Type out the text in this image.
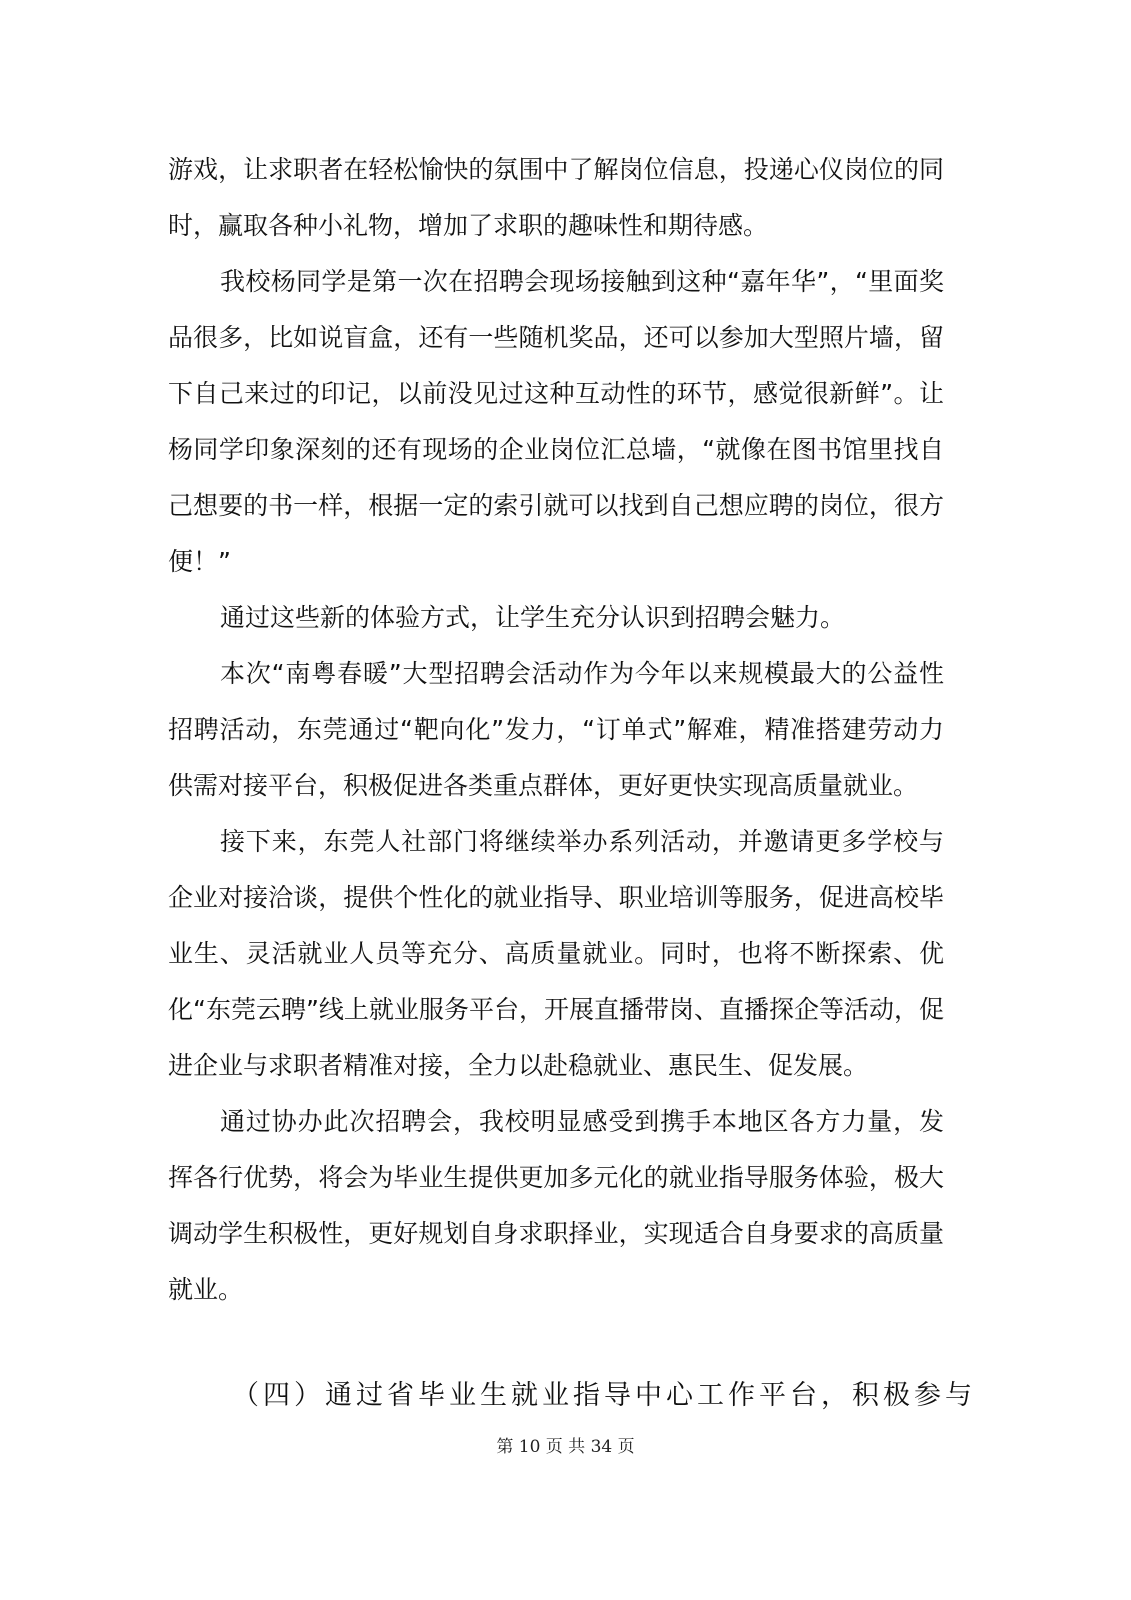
游戏，让求职者在轻松愉快的氛围中了解岗位信息，投递心仪岗位的同时，赢取各种小礼物，增加了求职的趣味性和期待感。

我校杨同学是第一次在招聘会现场接触到这种“嘉年华”，“里面奖品很多，比如说盲盒，还有一些随机奖品，还可以参加大型照片墙，留下自己来过的印记，以前没见过这种互动性的环节，感觉很新鲜”。让杨同学印象深刻的还有现场的企业岗位汇总墙，“就像在图书馆里找自己想要的书一样，根据一定的索引就可以找到自己想应聘的岗位，很方便！”

通过这些新的体验方式，让学生充分认识到招聘会魅力。

本次“南粤春暖”大型招聘会活动作为今年以来规模最大的公益性招聘活动，东莞通过“靶向化”发力，“订单式”解难，精准搭建劳动力供需对接平台，积极促进各类重点群体，更好更快实现高质量就业。

接下来，东莞人社部门将继续举办系列活动，并邀请更多学校与企业对接洽谈，提供个性化的就业指导、职业培训等服务，促进高校毕业生、灵活就业人员等充分、高质量就业。同时，也将不断探索、优化“东莞云聘”线上就业服务平台，开展直播带岗、直播探企等活动，促进企业与求职者精准对接，全力以赴稳就业、惠民生、促发展。

通过协办此次招聘会，我校明显感受到携手本地区各方力量，发挥各行优势，将会为毕业生提供更加多元化的就业指导服务体验，极大调动学生积极性，更好规划自身求职择业，实现适合自身要求的高质量就业。

（四）通过省毕业生就业指导中心工作平台，积极参与
第 10 页 共 34 页
